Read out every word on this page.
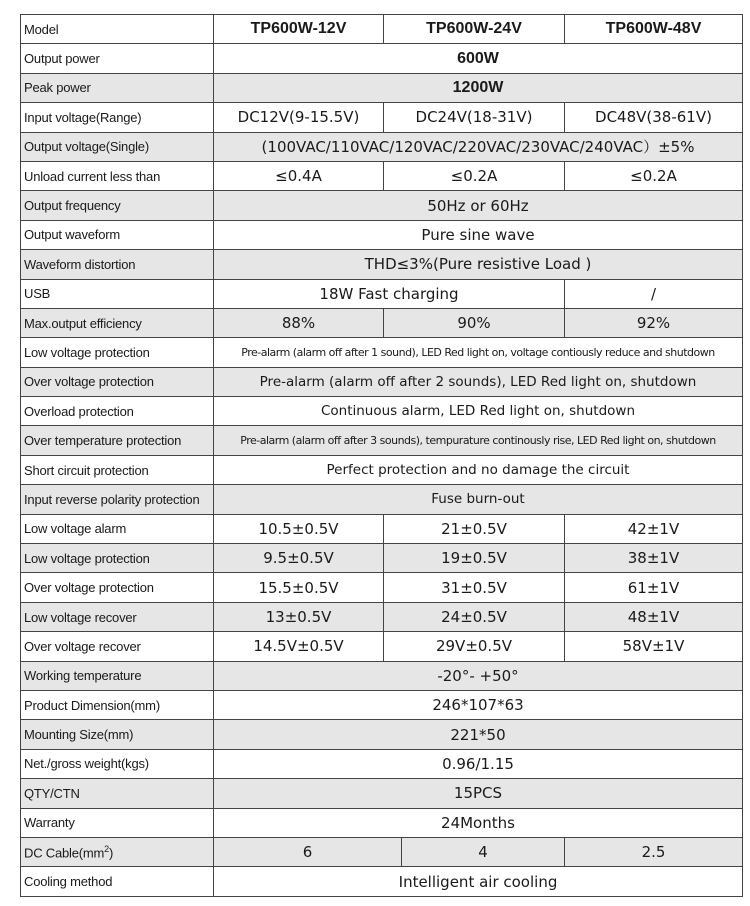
Model	TP600W-12V	TP600W-24V		TP600W-48V
Output power	600W			
Peak power	1200W			
Input voltage(Range)	DC12V(9-15.5V)	DC24V(18-31V)		DC48V(38-61V)
Output voltage(Single)	(100VAC/110VAC/120VAC/220VAC/230VAC/240VAC）±5%			
Unload current less than	≤0.4A	≤0.2A		≤0.2A
Output frequency	50Hz or 60Hz			
Output waveform	Pure sine wave			
Waveform distortion	THD≤3%(Pure resistive Load )			
USB	18W Fast charging			/
Max.output efficiency	88%	90%		92%
Low voltage protection	Pre-alarm (alarm off after 1 sound), LED Red light on, voltage contiously reduce and shutdown			
Over voltage protection	Pre-alarm (alarm off after 2 sounds), LED Red light on, shutdown			
Overload protection	Continuous alarm, LED Red light on, shutdown			
Over temperature protection	Pre-alarm (alarm off after 3 sounds), tempurature continously rise, LED Red light on, shutdown			
Short circuit protection	Perfect protection and no damage the circuit			
Input reverse polarity protection	Fuse burn-out			
Low voltage alarm	10.5±0.5V	21±0.5V		42±1V
Low voltage protection	9.5±0.5V	19±0.5V		38±1V
Over voltage protection	15.5±0.5V	31±0.5V		61±1V
Low voltage recover	13±0.5V	24±0.5V		48±1V
Over voltage recover	14.5V±0.5V	29V±0.5V		58V±1V
Working temperature	-20°- +50°			
Product Dimension(mm)	246*107*63			
Mounting Size(mm)	221*50			
Net./gross weight(kgs)	0.96/1.15			
QTY/CTN	15PCS			
Warranty	24Months			
DC $Cable(mm^2)$	6		4	2.5
Cooling method	Intelligent air cooling			
